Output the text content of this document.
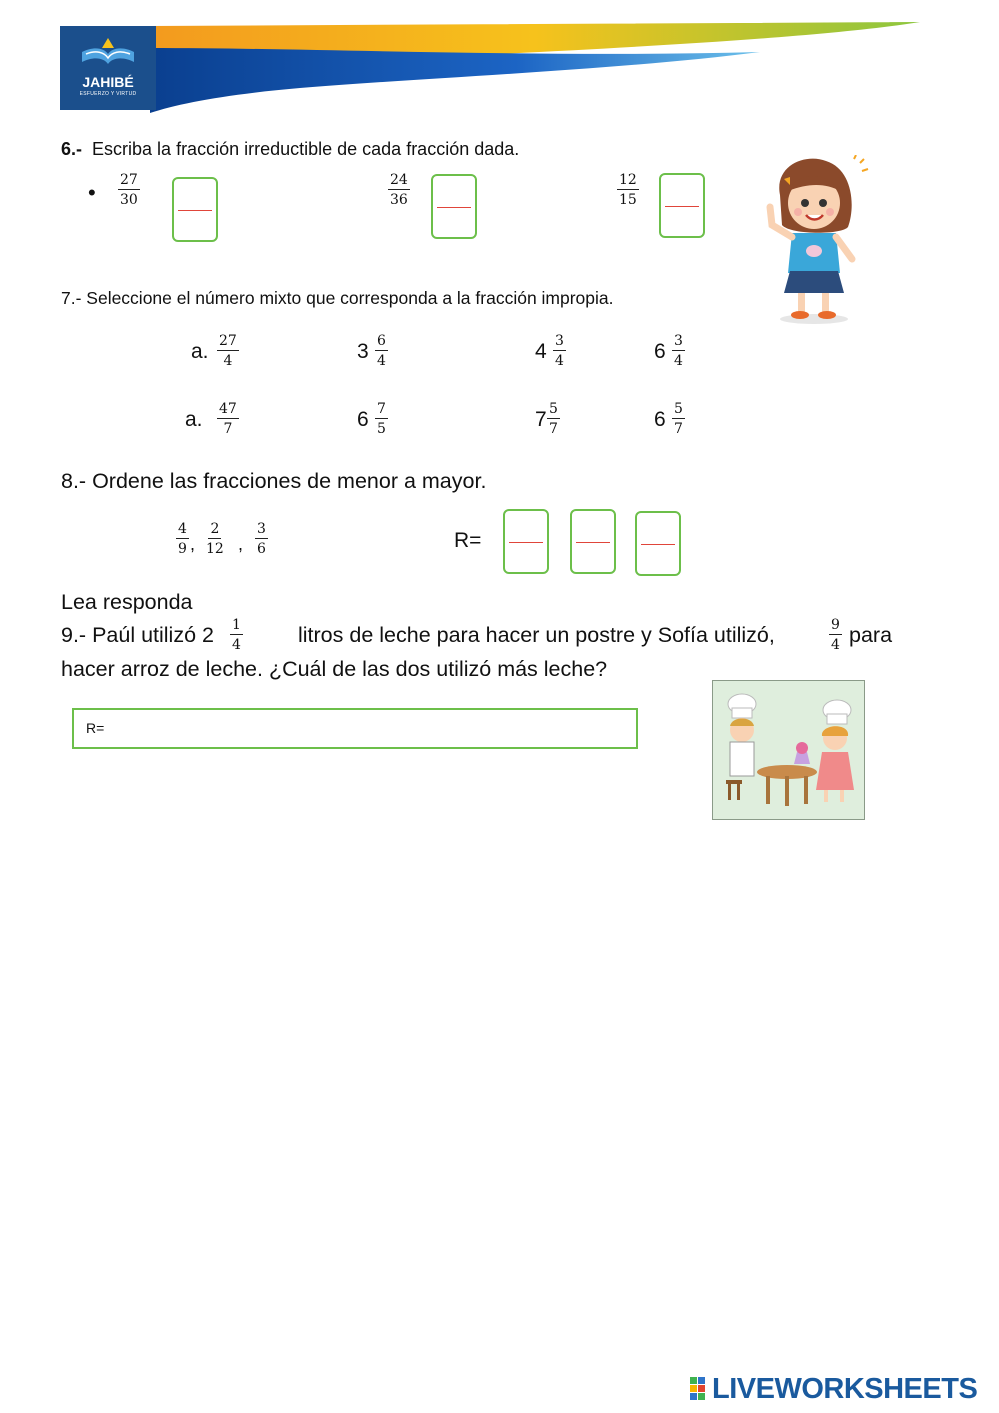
JAHIBÉ
ESFUERZO Y VIRTUD
6.- Escriba la fracción irreductible de cada fracción dada.
• $\frac{27}{30}$	$\frac{24}{36}$	$\frac{12}{15}$
7.- Seleccione el número mixto que corresponda a la fracción impropia.
a. $\frac{27}{4}$	$3 \frac{6}{4}$	$4 \frac{3}{4}$	$6 \frac{3}{4}$
a. $\frac{47}{7}$	$6 \frac{7}{5}$	$7 \frac{5}{7}$	$6 \frac{5}{7}$
8.- Ordene las fracciones de menor a mayor.
$\frac{4}{9}$ , $\frac{2}{12}$ , $\frac{3}{6}$	R=
Lea responda
9.- Paúl utilizó $2 \frac{1}{4}$	litros de leche para hacer un postre y Sofía utilizó,	$\frac{9}{4}$ para
hacer arroz de leche. ¿Cuál de las dos utilizó más leche?
R=
LIVEWORKSHEETS
